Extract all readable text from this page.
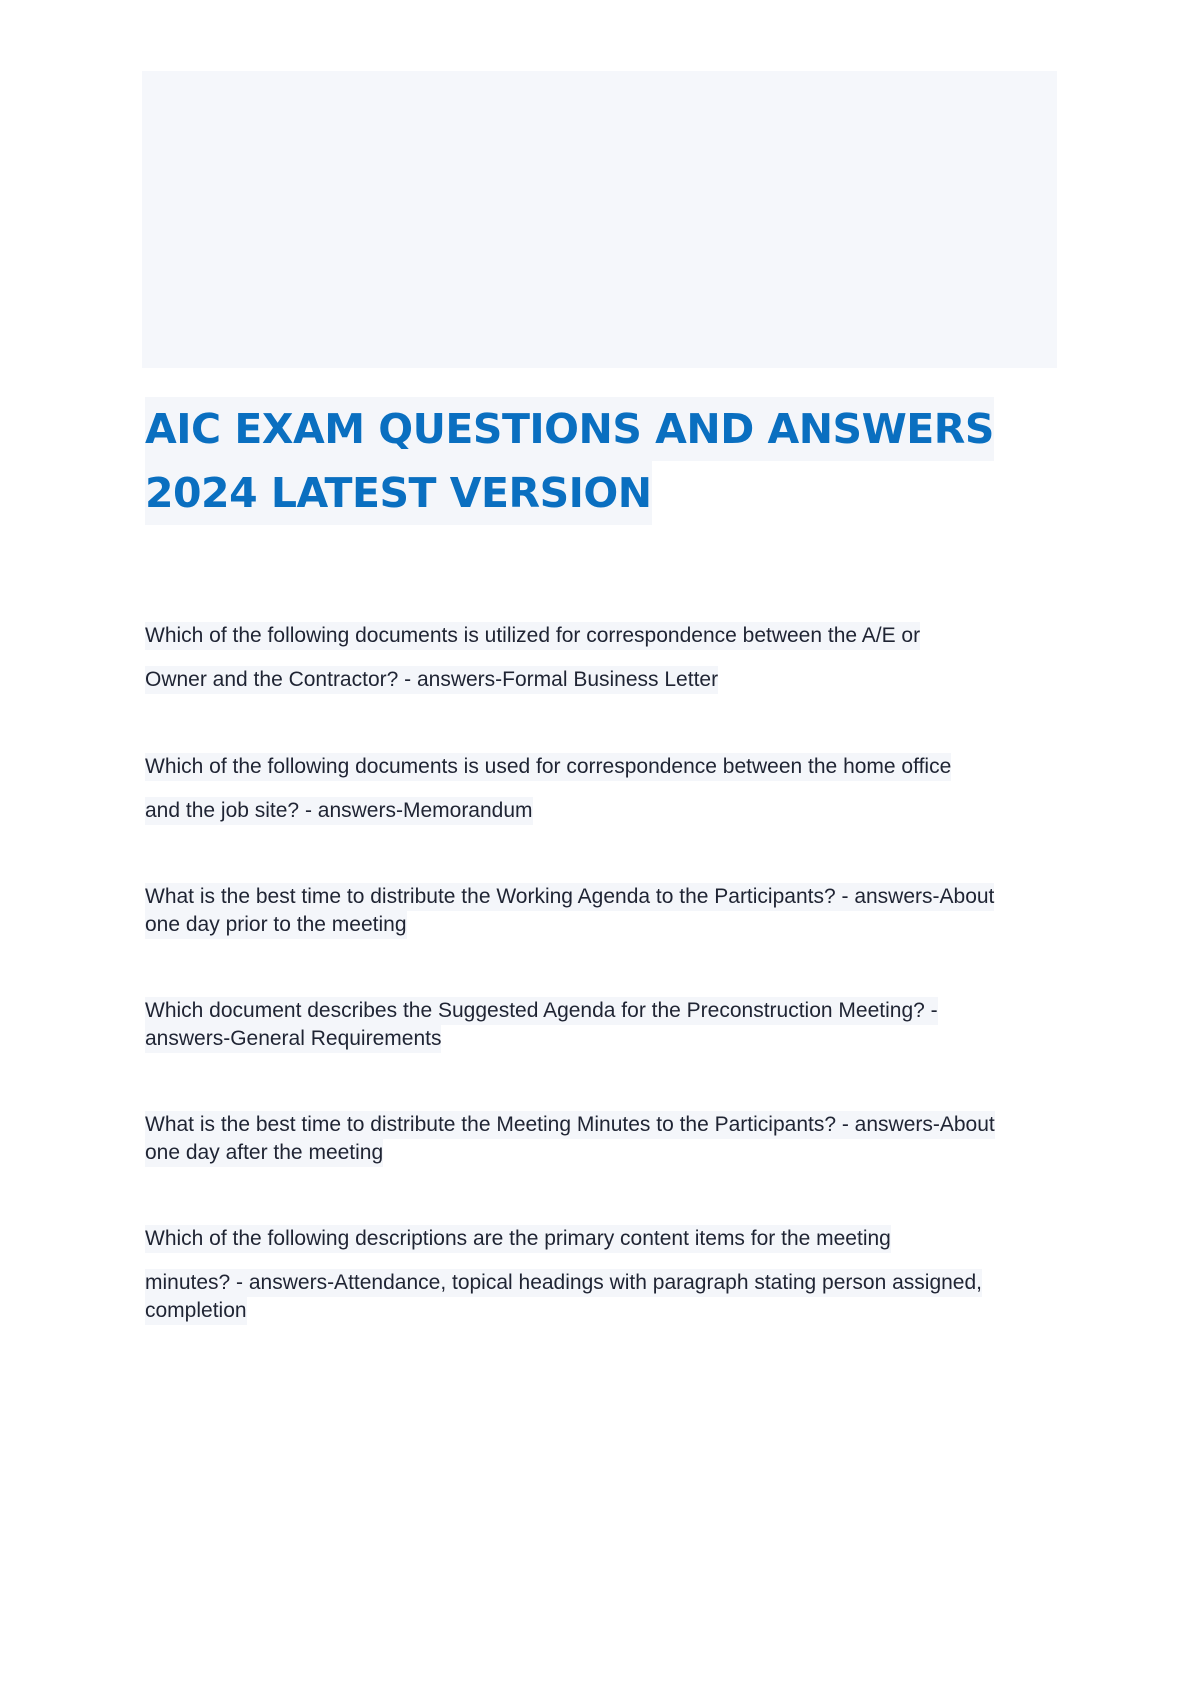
AIC EXAM QUESTIONS AND ANSWERS
2024 LATEST VERSION
Which of the following documents is utilized for correspondence between the A/E or
Owner and the Contractor? - answers-Formal Business Letter
Which of the following documents is used for correspondence between the home office
and the job site? - answers-Memorandum
What is the best time to distribute the Working Agenda to the Participants? - answers-About
one day prior to the meeting
Which document describes the Suggested Agenda for the Preconstruction Meeting? -
answers-General Requirements
What is the best time to distribute the Meeting Minutes to the Participants? - answers-About
one day after the meeting
Which of the following descriptions are the primary content items for the meeting
minutes? - answers-Attendance, topical headings with paragraph stating person assigned,
completion
